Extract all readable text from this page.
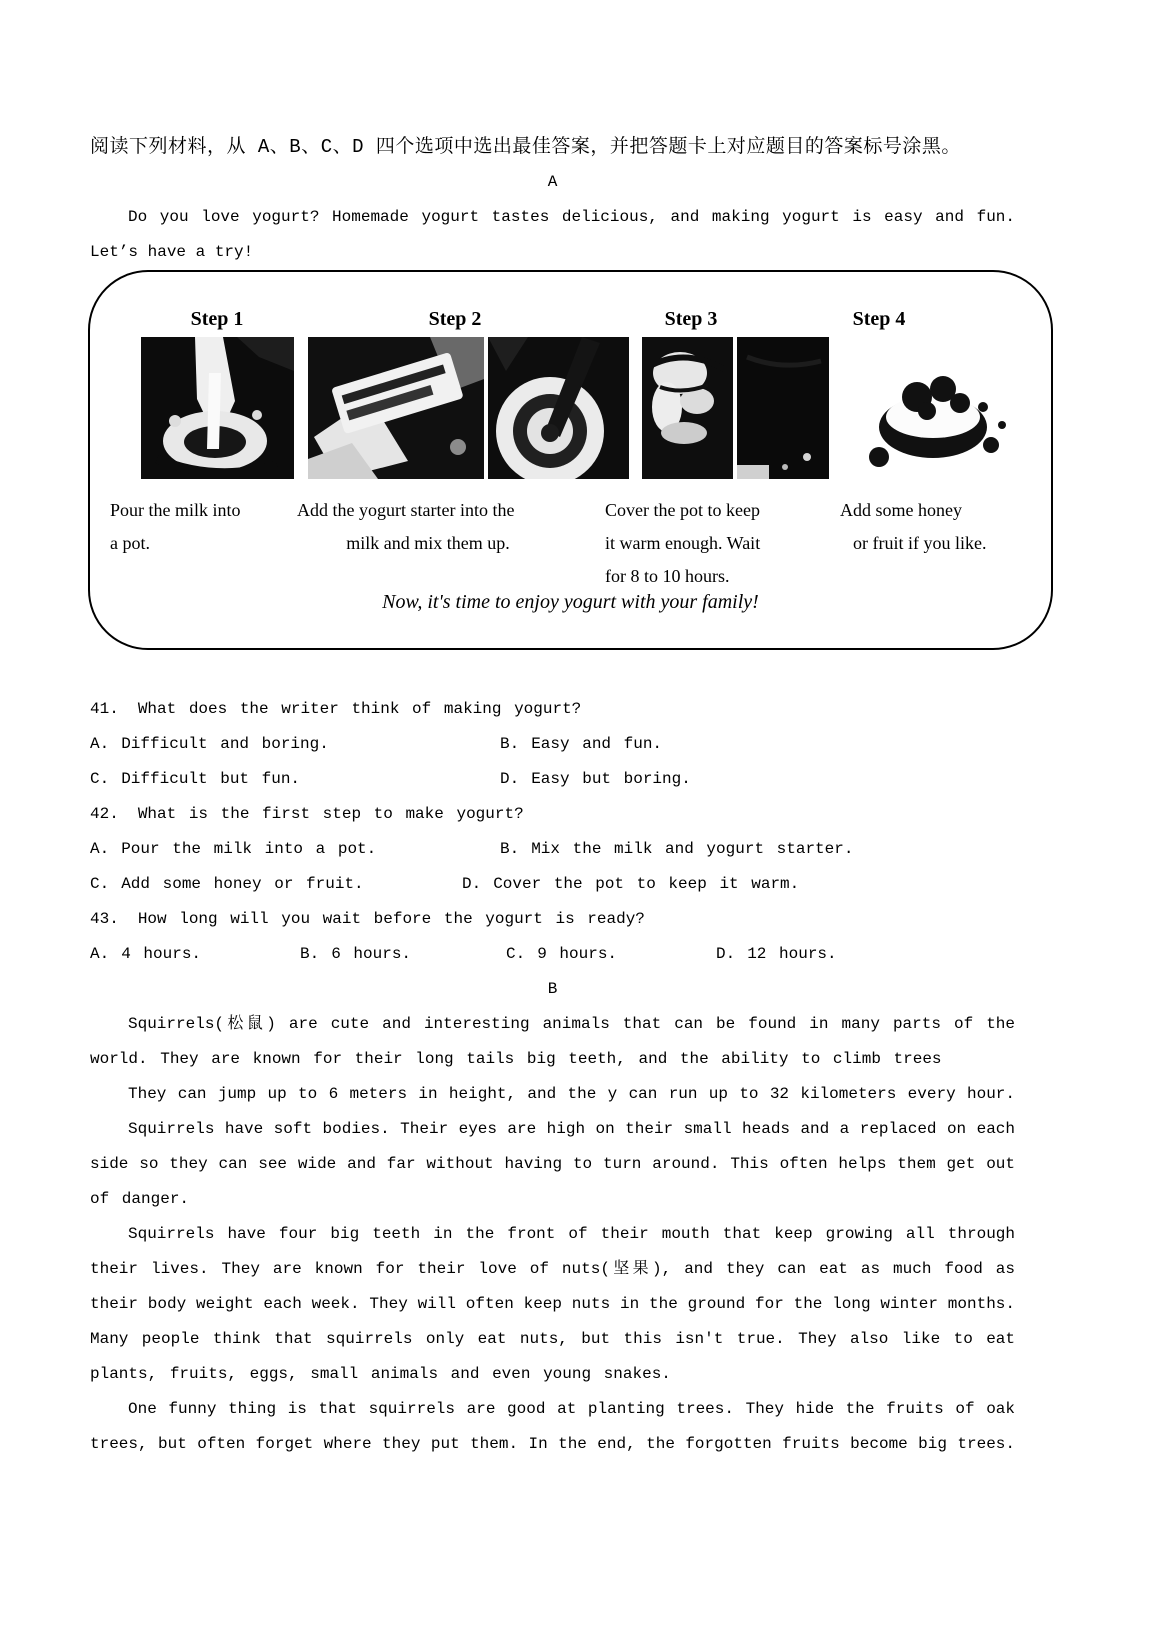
阅读下列材料，从 A、B、C、D 四个选项中选出最佳答案，并把答题卡上对应题目的答案标号涂黑。
A
Do you love yogurt? Homemade yogurt tastes delicious, and making yogurt is easy and fun.
Let’s have a try!
Step 1	Step 2	Step 3	Step 4
Pour the milk into
a pot.
Add the yogurt starter into the
milk and mix them up.
Cover the pot to keep
it warm enough. Wait
for 8 to 10 hours.
Add some honey
or fruit if you like.
Now, it's time to enjoy yogurt with your family!
41. What does the writer think of making yogurt?
A. Difficult and boring.	B. Easy and fun.
C. Difficult but fun.	D. Easy but boring.
42. What is the first step to make yogurt?
A. Pour the milk into a pot.	B. Mix the milk and yogurt starter.
C. Add some honey or fruit.	D. Cover the pot to keep it warm.
43. How long will you wait before the yogurt is ready?
A. 4 hours.	B. 6 hours.	C. 9 hours.	D. 12 hours.
B
Squirrels(松鼠) are cute and interesting animals that can be found in many parts of the
world. They are known for their long tails big teeth, and the ability to climb trees
They can jump up to 6 meters in height, and the y can run up to 32 kilometers every hour.
Squirrels have soft bodies. Their eyes are high on their small heads and a replaced on each
side so they can see wide and far without having to turn around. This often helps them get out
of danger.
Squirrels have four big teeth in the front of their mouth that keep growing all through
their lives. They are known for their love of nuts(坚果), and they can eat as much food as
their body weight each week. They will often keep nuts in the ground for the long winter months.
Many people think that squirrels only eat nuts, but this isn't true. They also like to eat
plants, fruits, eggs, small animals and even young snakes.
One funny thing is that squirrels are good at planting trees. They hide the fruits of oak
trees, but often forget where they put them. In the end, the forgotten fruits become big trees.
